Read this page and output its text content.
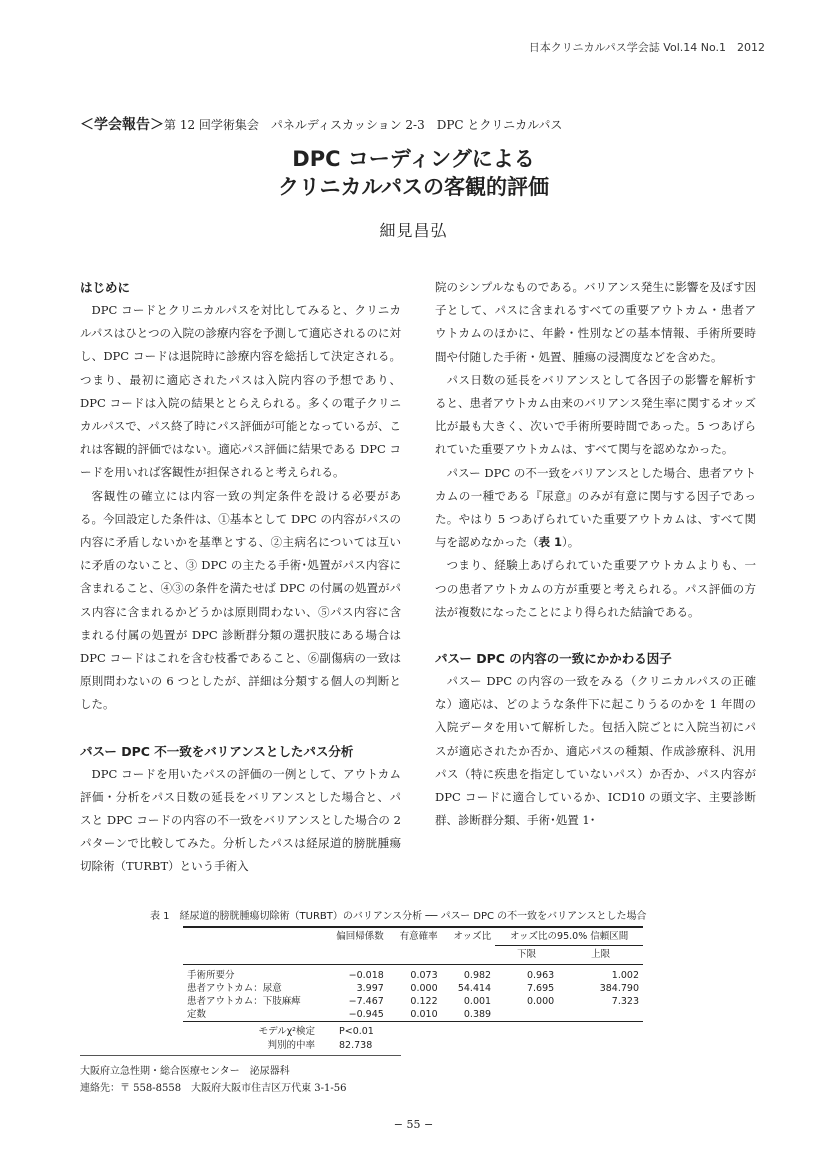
日本クリニカルパス学会誌 Vol.14 No.1　2012
＜学会報告＞第 12 回学術集会　パネルディスカッション 2-3　DPC とクリニカルパス
DPC コーディングによる
クリニカルパスの客観的評価
細見昌弘
はじめに

DPC コードとクリニカルパスを対比してみると、クリニカルパスはひとつの入院の診療内容を予測して適応されるのに対し、DPC コードは退院時に診療内容を総括して決定される。つまり、最初に適応されたパスは入院内容の予想であり、DPC コードは入院の結果ととらえられる。多くの電子クリニカルパスで、パス終了時にパス評価が可能となっているが、これは客観的評価ではない。適応パス評価に結果である DPC コードを用いれば客観性が担保されると考えられる。

客観性の確立には内容一致の判定条件を設ける必要がある。今回設定した条件は、①基本として DPC の内容がパスの内容に矛盾しないかを基準とする、②主病名については互いに矛盾のないこと、③ DPC の主たる手術･処置がパス内容に含まれること、④③の条件を満たせば DPC の付属の処置がパス内容に含まれるかどうかは原則問わない、⑤パス内容に含まれる付属の処置が DPC 診断群分類の選択肢にある場合は DPC コードはこれを含む枝番であること、⑥副傷病の一致は原則問わないの 6 つとしたが、詳細は分類する個人の判断とした。

パスー DPC 不一致をバリアンスとしたパス分析

DPC コードを用いたパスの評価の一例として、アウトカム評価・分析をパス日数の延長をバリアンスとした場合と、パスと DPC コードの内容の不一致をバリアンスとした場合の 2 パターンで比較してみた。分析したパスは経尿道的膀胱腫瘍切除術（TURBT）という手術入

院のシンプルなものである。バリアンス発生に影響を及ぼす因子として、パスに含まれるすべての重要アウトカム・患者アウトカムのほかに、年齢・性別などの基本情報、手術所要時間や付随した手術・処置、腫瘍の浸潤度などを含めた。

パス日数の延長をバリアンスとして各因子の影響を解析すると、患者アウトカム由来のバリアンス発生率に関するオッズ比が最も大きく、次いで手術所要時間であった。5 つあげられていた重要アウトカムは、すべて関与を認めなかった。

パスー DPC の不一致をバリアンスとした場合、患者アウトカムの一種である『尿意』のみが有意に関与する因子であった。やはり 5 つあげられていた重要アウトカムは、すべて関与を認めなかった（表 1）。

つまり、経験上あげられていた重要アウトカムよりも、一つの患者アウトカムの方が重要と考えられる。パス評価の方法が複数になったことにより得られた結論である。

パスー DPC の内容の一致にかかわる因子

パスー DPC の内容の一致をみる（クリニカルパスの正確な）適応は、どのような条件下に起こりうるのかを 1 年間の入院データを用いて解析した。包括入院ごとに入院当初にパスが適応されたか否か、適応パスの種類、作成診療科、汎用パス（特に疾患を指定していないパス）か否か、パス内容が DPC コードに適合しているか、ICD10 の頭文字、主要診断群、診断群分類、手術･処置 1･

表 1　経尿道的膀胱腫瘍切除術（TURBT）のバリアンス分析 ── パスー DPC の不一致をバリアンスとした場合
	偏回帰係数	有意確率	オッズ比	オッズ比の95.0% 信頼区間	
				下限	上限
手術所要分	−0.018	0.073	0.982	0.963	1.002
患者アウトカム：尿意	3.997	0.000	54.414	7.695	384.790
患者アウトカム：下肢麻痺	−7.467	0.122	0.001	0.000	7.323
定数	−0.945	0.010	0.389		
モデルχ²検定	P<0.01				
判別的中率	82.738				
大阪府立急性期・総合医療センター　泌尿器科
連絡先：〒 558-8558　大阪府大阪市住吉区万代東 3-1-56
− 55 −
